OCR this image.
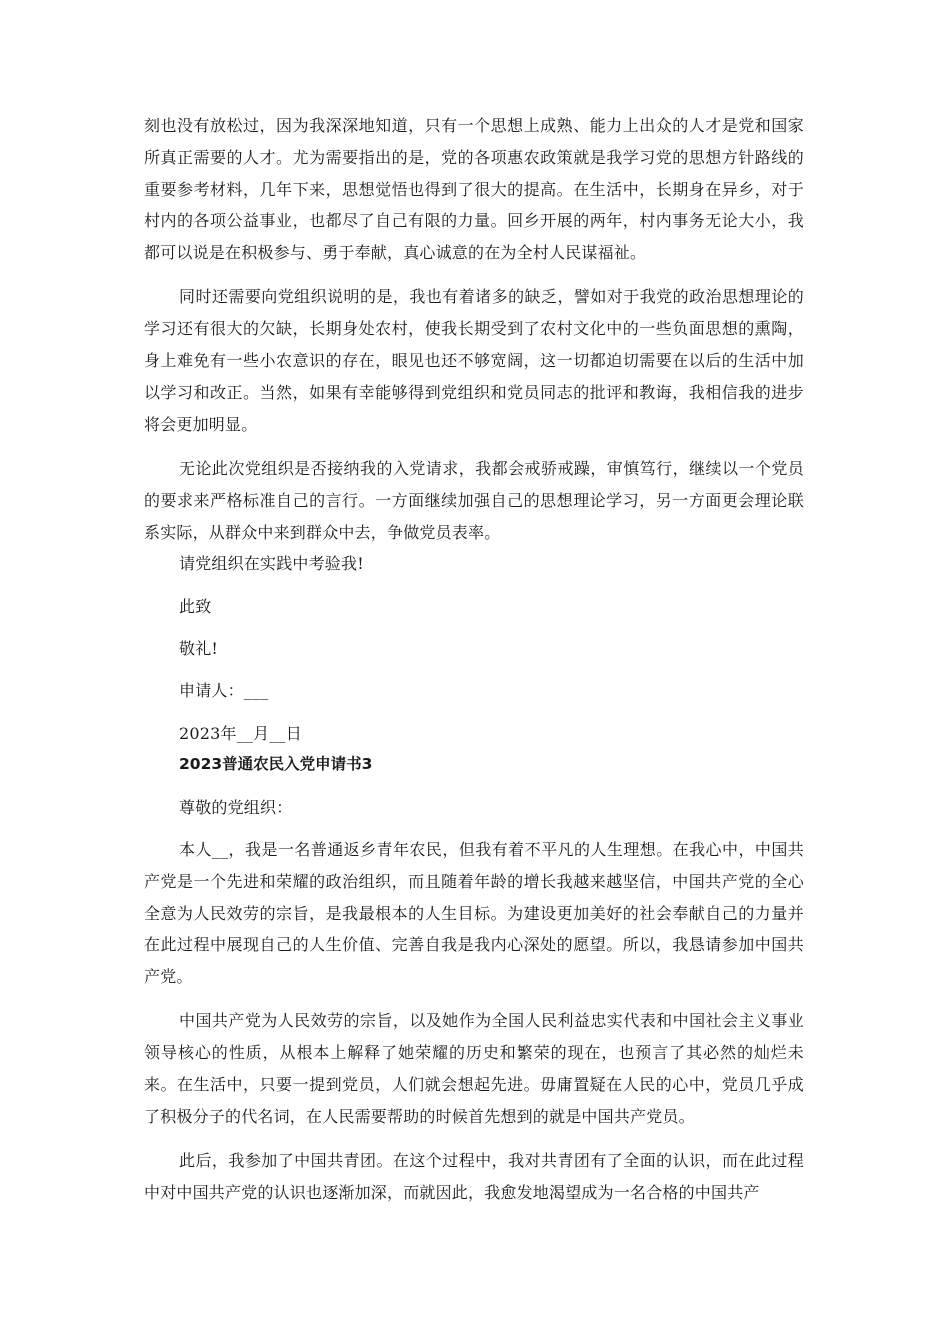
刻也没有放松过，因为我深深地知道，只有一个思想上成熟、能力上出众的人才是党和国家所真正需要的人才。尤为需要指出的是，党的各项惠农政策就是我学习党的思想方针路线的重要参考材料，几年下来，思想觉悟也得到了很大的提高。在生活中，长期身在异乡，对于村内的各项公益事业，也都尽了自己有限的力量。回乡开展的两年，村内事务无论大小，我都可以说是在积极参与、勇于奉献，真心诚意的在为全村人民谋福祉。

同时还需要向党组织说明的是，我也有着诸多的缺乏，譬如对于我党的政治思想理论的学习还有很大的欠缺，长期身处农村，使我长期受到了农村文化中的一些负面思想的熏陶，身上难免有一些小农意识的存在，眼见也还不够宽阔，这一切都迫切需要在以后的生活中加以学习和改正。当然，如果有幸能够得到党组织和党员同志的批评和教诲，我相信我的进步将会更加明显。

无论此次党组织是否接纳我的入党请求，我都会戒骄戒躁，审慎笃行，继续以一个党员的要求来严格标准自己的言行。一方面继续加强自己的思想理论学习，另一方面更会理论联系实际，从群众中来到群众中去，争做党员表率。

请党组织在实践中考验我!

此致

敬礼!

申请人：___

2023年__月__日

2023普通农民入党申请书3

尊敬的党组织：

本人__，我是一名普通返乡青年农民，但我有着不平凡的人生理想。在我心中，中国共产党是一个先进和荣耀的政治组织，而且随着年龄的增长我越来越坚信，中国共产党的全心全意为人民效劳的宗旨，是我最根本的人生目标。为建设更加美好的社会奉献自己的力量并在此过程中展现自己的人生价值、完善自我是我内心深处的愿望。所以，我恳请参加中国共产党。

中国共产党为人民效劳的宗旨，以及她作为全国人民利益忠实代表和中国社会主义事业领导核心的性质，从根本上解释了她荣耀的历史和繁荣的现在，也预言了其必然的灿烂未来。在生活中，只要一提到党员，人们就会想起先进。毋庸置疑在人民的心中，党员几乎成了积极分子的代名词，在人民需要帮助的时候首先想到的就是中国共产党员。

此后，我参加了中国共青团。在这个过程中，我对共青团有了全面的认识，而在此过程中对中国共产党的认识也逐渐加深，而就因此，我愈发地渴望成为一名合格的中国共产
